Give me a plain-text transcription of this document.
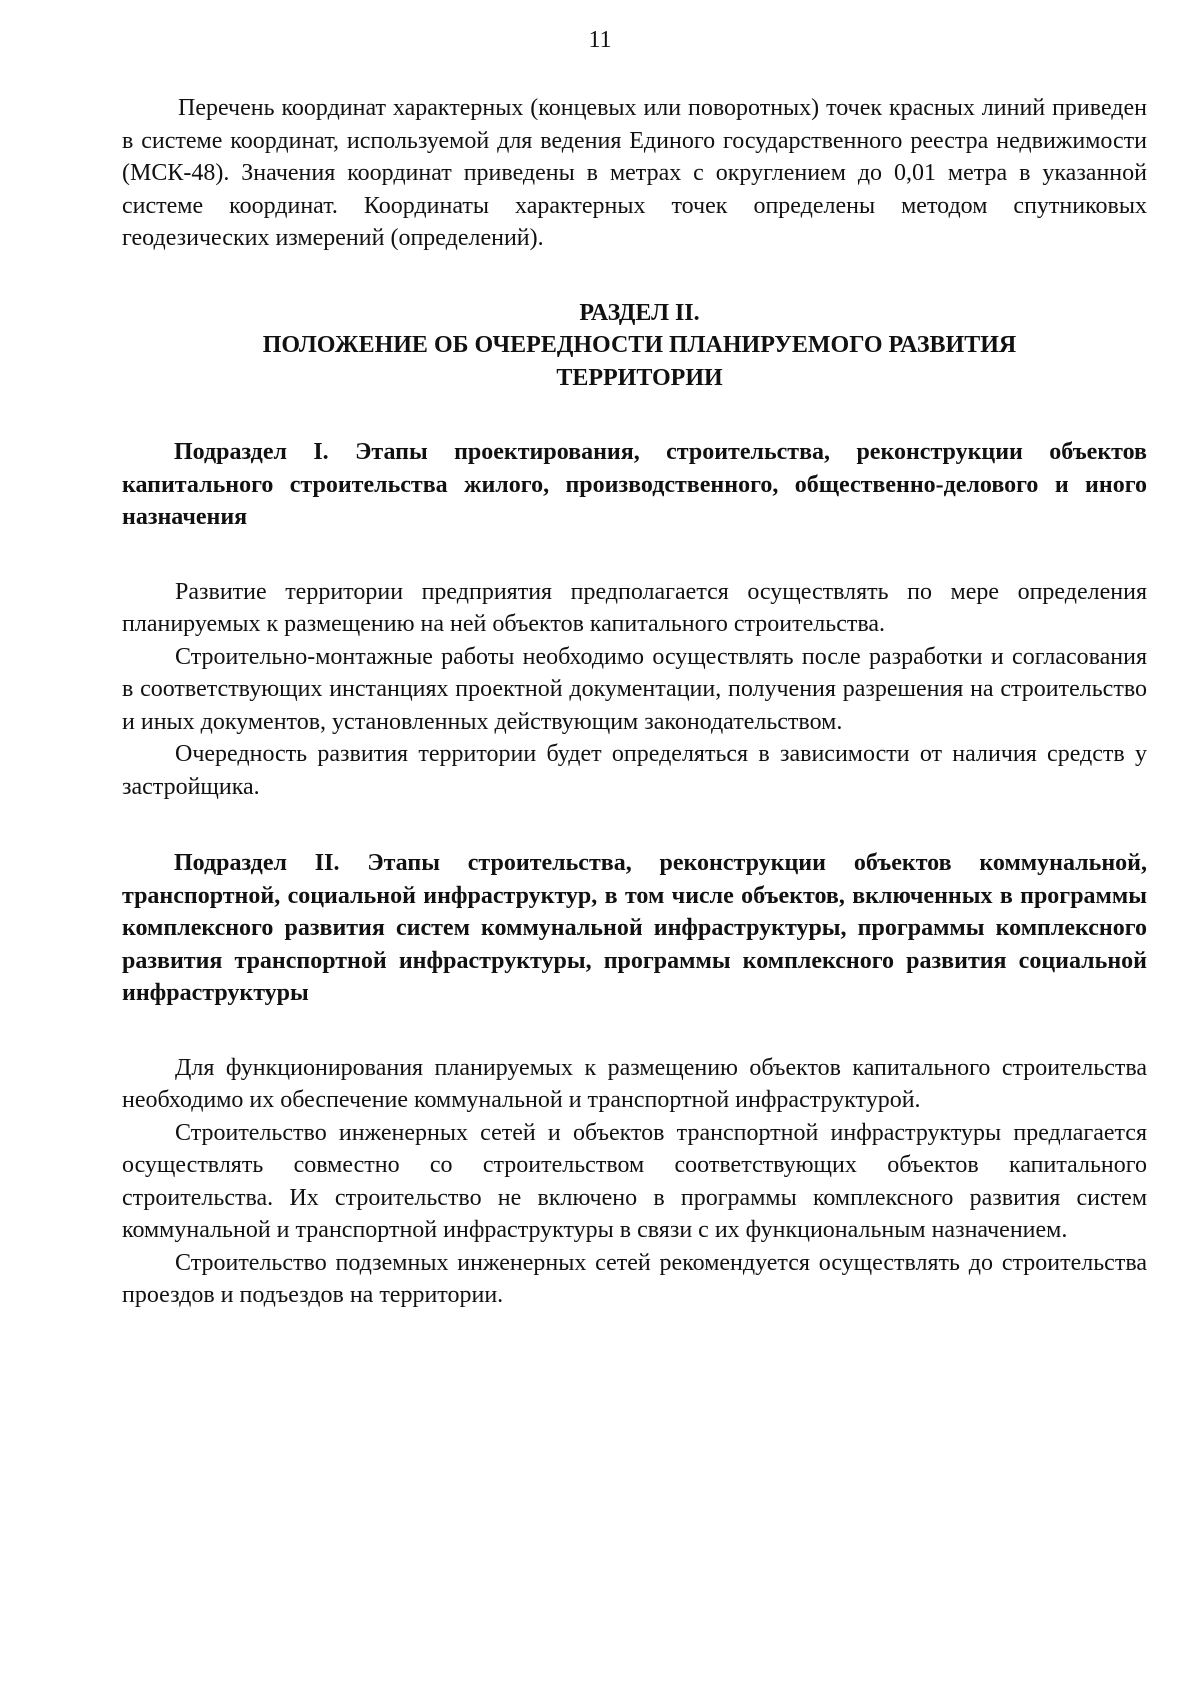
11

Перечень координат характерных (концевых или поворотных) точек красных линий приведен в системе координат, используемой для ведения Единого государственного реестра недвижимости (МСК-48). Значения координат приведены в метрах с округлением до 0,01 метра в указанной системе координат. Координаты характерных точек определены методом спутниковых геодезических измерений (определений).

РАЗДЕЛ II.
ПОЛОЖЕНИЕ ОБ ОЧЕРЕДНОСТИ ПЛАНИРУЕМОГО РАЗВИТИЯ
ТЕРРИТОРИИ
Подраздел I. Этапы проектирования, строительства, реконструкции объектов капитального строительства жилого, производственного, общественно-делового и иного назначения

Развитие территории предприятия предполагается осуществлять по мере определения планируемых к размещению на ней объектов капитального строительства.

Строительно-монтажные работы необходимо осуществлять после разработки и согласования в соответствующих инстанциях проектной документации, получения разрешения на строительство и иных документов, установленных действующим законодательством.

Очередность развития территории будет определяться в зависимости от наличия средств у застройщика.

Подраздел II. Этапы строительства, реконструкции объектов коммунальной, транспортной, социальной инфраструктур, в том числе объектов, включенных в программы комплексного развития систем коммунальной инфраструктуры, программы комплексного развития транспортной инфраструктуры, программы комплексного развития социальной инфраструктуры

Для функционирования планируемых к размещению объектов капитального строительства необходимо их обеспечение коммунальной и транспортной инфраструктурой.

Строительство инженерных сетей и объектов транспортной инфраструктуры предлагается осуществлять совместно со строительством соответствующих объектов капитального строительства. Их строительство не включено в программы комплексного развития систем коммунальной и транспортной инфраструктуры в связи с их функциональным назначением.

Строительство подземных инженерных сетей рекомендуется осуществлять до строительства проездов и подъездов на территории.
